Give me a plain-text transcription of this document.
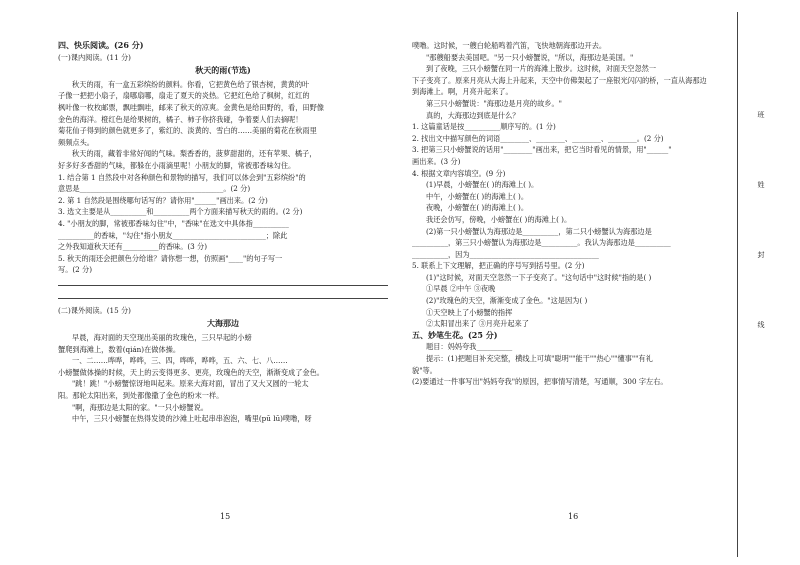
四、快乐阅读。(26 分)
(一)课内阅读。(11 分)
秋天的雨(节选)
秋天的雨，有一盒五彩缤纷的颜料。你看，它把黄色给了银杏树，黄黄的叶
子像一把把小扇子，扇哪扇哪，扇走了夏天的炎热。它把红色给了枫树，红红的
枫叶像一枚枚邮票，飘哇飘哇，邮来了秋天的凉爽。金黄色是给田野的，看，田野像
金色的海洋。橙红色是给果树的，橘子、柿子你挤我碰，争着要人们去摘呢！
菊花仙子得到的颜色就更多了，紫红的、淡黄的、雪白的……美丽的菊花在秋雨里
频频点头。
秋天的雨，藏着非常好闻的气味。梨香香的，菠萝甜甜的，还有苹果、橘子，
好多好多香甜的气味，都躲在小雨滴里呢！小朋友的脚，常被那香味勾住。
1. 结合第 1 自然段中对各种颜色和景物的描写，我们可以体会到"五彩缤纷"的
意思是________________________________________。(2 分)
2. 第 1 自然段是围绕哪句话写的？请你用"______"画出来。(2 分)
3. 选文主要是从__________和__________两个方面来描写秋天的雨的。(2 分)
4. "小朋友的脚，常被那香味勾住"中，"香味"在选文中具体指__________
__________的香味，"勾住"指小朋友__________________________；除此
之外我知道秋天还有__________的香味。(3 分)
5. 秋天的雨还会把颜色分给谁？请你想一想，仿照画"____"的句子写一
写。(2 分)
(二)课外阅读。(15 分)
大海那边
早晨，海对面的天空现出美丽的玫瑰色，三只早起的小螃
蟹爬到海滩上，数着(qián)在做体操。
一、二……哗哗，哗哗，三、四，哗哗，哗哗，五、六、七、八……
小螃蟹做体操的时候，天上的云变得更多、更亮，玫瑰色的天空，渐渐变成了金色。
"跳！跳！"小螃蟹惊讶地叫起来。原来大海对面，冒出了又大又圆的一轮太
阳。那轮太阳出来，到处都像撒了金色的粉末一样。
"啊，海那边是太阳的家。"一只小螃蟹说。
中午，三只小螃蟹在热得发烫的沙滩上吐起串串泡泡，嘴里(pū lū)噗噜，呀
15
噗噜。这时候，一艘白轮船鸣着汽笛，飞快地朝海那边开去。
"那艘船要去美国吧。"另一只小螃蟹说，"所以，海那边是美国。"
到了夜晚，三只小螃蟹在同一片的海滩上散步。这时候，对面天空忽然一
下子变亮了。原来月亮从大海上升起来，天空中仿佛架起了一座银光闪闪的桥，一直从海那边
到海滩上。啊，月亮升起来了。
第三只小螃蟹说："海那边是月亮的故乡。"
真的，大海那边到底是什么？
1. 这篇童话是按__________顺序写的。(1 分)
2. 找出文中描写颜色的词语________、________、________、________。(2 分)
3. 把第三只小螃蟹说的话用"________"画出来，把它当时看见的情景，用"______"
画出来。(3 分)
4. 根据文章内容填空。(9 分)
(1)早晨，小螃蟹在( )的海滩上( )。
中午，小螃蟹在( )的海滩上( )。
夜晚，小螃蟹在( )的海滩上( )。
我还会仿写，傍晚，小螃蟹在( )的海滩上( )。
(2)第一只小螃蟹认为海那边是__________，第二只小螃蟹认为海那边是
__________，第三只小螃蟹认为海那边是__________。我认为海那边是__________
__________，因为____________________________________
5. 联系上下文理解，把正确的序号写到括号里。(2 分)
(1)"这时候，对面天空忽然一下子变亮了。"这句话中"这时候"指的是( )
①早晨 ②中午 ③夜晚
(2)"玫瑰色的天空，渐渐变成了金色。"这是因为( )
①天空映上了小螃蟹的指挥
②太阳冒出来了 ③月亮升起来了
五、妙笔生花。(25 分)
题目：妈妈夸我__________
提示：(1)把题目补充完整，横线上可填"聪明""能干""热心""懂事""有礼
貌"等。
(2)要通过一件事写出"妈妈夸我"的原因，把事情写清楚，写通顺，300 字左右。
16
班
姓
封
线
